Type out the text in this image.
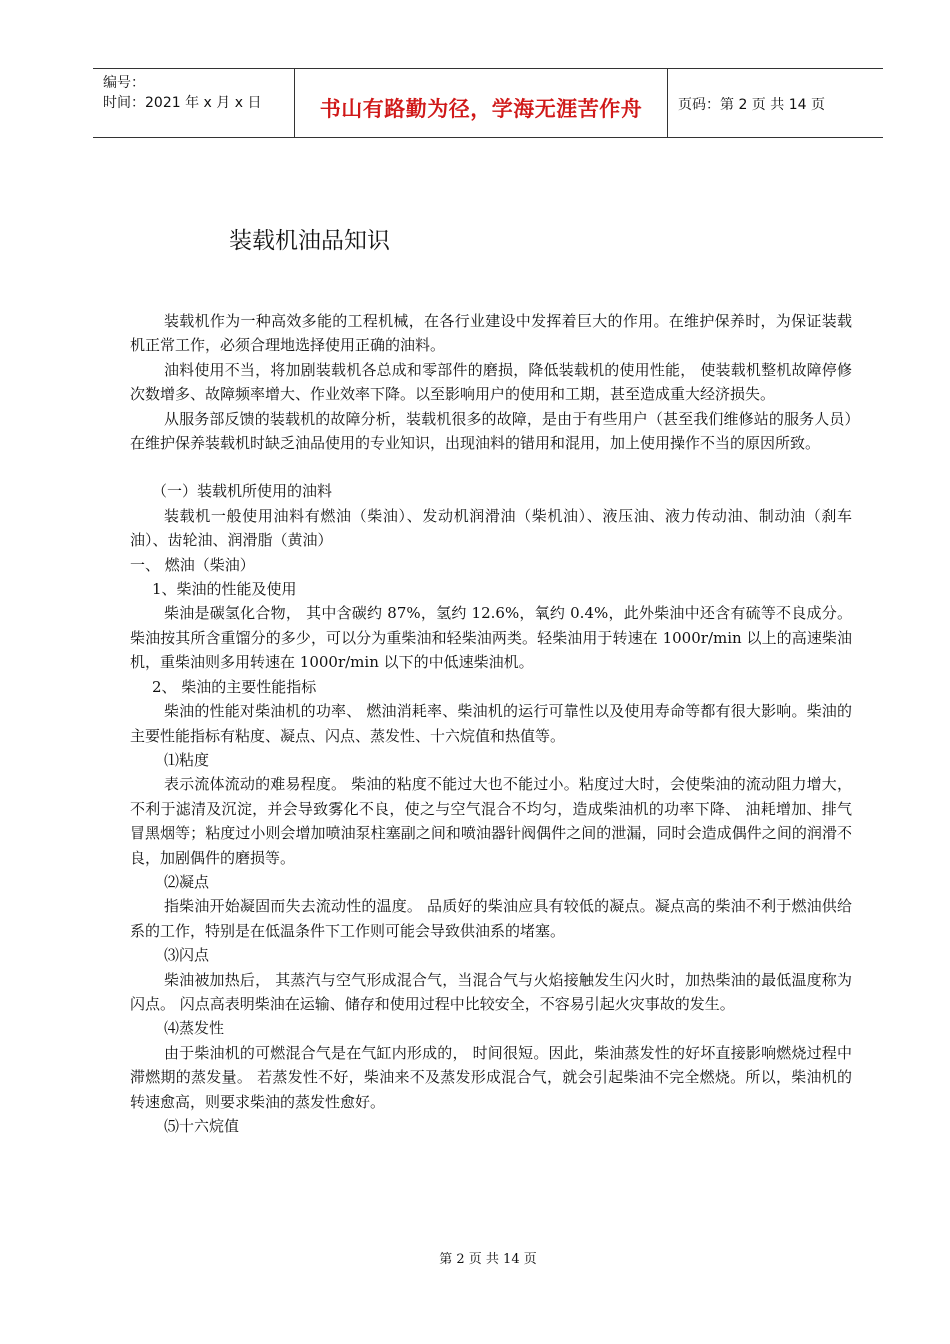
编号：
时间：2021 年 x 月 x 日	书山有路勤为径，学海无涯苦作舟	页码：第 2 页 共 14 页
装载机油品知识

装载机作为一种高效多能的工程机械，在各行业建设中发挥着巨大的作用。在维护保养时，为保证装载机正常工作，必须合理地选择使用正确的油料。

油料使用不当，将加剧装载机各总成和零部件的磨损，降低装载机的使用性能， 使装载机整机故障停修次数增多、故障频率增大、作业效率下降。以至影响用户的使用和工期，甚至造成重大经济损失。

从服务部反馈的装载机的故障分析，装载机很多的故障，是由于有些用户（甚至我们维修站的服务人员）在维护保养装载机时缺乏油品使用的专业知识，出现油料的错用和混用，加上使用操作不当的原因所致。

（一）装载机所使用的油料

装载机一般使用油料有燃油（柴油）、发动机润滑油（柴机油）、液压油、液力传动油、制动油（刹车油）、齿轮油、润滑脂（黄油）

一、 燃油（柴油）

1、柴油的性能及使用

柴油是碳氢化合物， 其中含碳约 87%，氢约 12.6%，氧约 0.4%，此外柴油中还含有硫等不良成分。 柴油按其所含重馏分的多少，可以分为重柴油和轻柴油两类。轻柴油用于转速在 1000r/min 以上的高速柴油机，重柴油则多用转速在 1000r/min 以下的中低速柴油机。

2、 柴油的主要性能指标

柴油的性能对柴油机的功率、 燃油消耗率、柴油机的运行可靠性以及使用寿命等都有很大影响。柴油的主要性能指标有粘度、凝点、闪点、蒸发性、十六烷值和热值等。

⑴粘度

表示流体流动的难易程度。 柴油的粘度不能过大也不能过小。粘度过大时，会使柴油的流动阻力增大， 不利于滤清及沉淀，并会导致雾化不良，使之与空气混合不均匀，造成柴油机的功率下降、 油耗增加、排气冒黑烟等；粘度过小则会增加喷油泵柱塞副之间和喷油器针阀偶件之间的泄漏，同时会造成偶件之间的润滑不良，加剧偶件的磨损等。

⑵凝点

指柴油开始凝固而失去流动性的温度。 品质好的柴油应具有较低的凝点。凝点高的柴油不利于燃油供给系的工作，特别是在低温条件下工作则可能会导致供油系的堵塞。

⑶闪点

柴油被加热后， 其蒸汽与空气形成混合气，当混合气与火焰接触发生闪火时，加热柴油的最低温度称为闪点。 闪点高表明柴油在运输、储存和使用过程中比较安全，不容易引起火灾事故的发生。

⑷蒸发性

由于柴油机的可燃混合气是在气缸内形成的， 时间很短。因此，柴油蒸发性的好坏直接影响燃烧过程中滞燃期的蒸发量。 若蒸发性不好，柴油来不及蒸发形成混合气，就会引起柴油不完全燃烧。所以，柴油机的转速愈高，则要求柴油的蒸发性愈好。

⑸十六烷值

第 2 页 共 14 页
